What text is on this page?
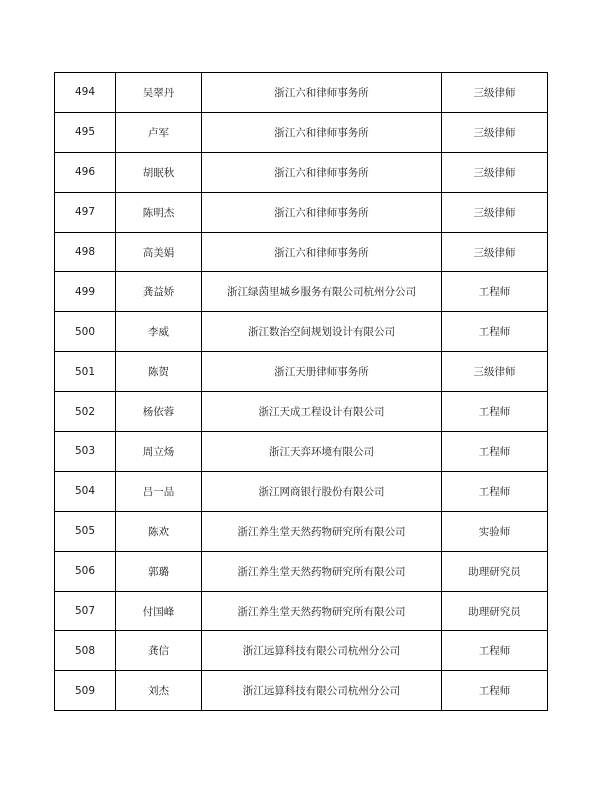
494	吴翠丹	浙江六和律师事务所	三级律师
495	卢军	浙江六和律师事务所	三级律师
496	胡眠秋	浙江六和律师事务所	三级律师
497	陈明杰	浙江六和律师事务所	三级律师
498	高美娟	浙江六和律师事务所	三级律师
499	龚益娇	浙江绿茵里城乡服务有限公司杭州分公司	工程师
500	李威	浙江数治空间规划设计有限公司	工程师
501	陈贺	浙江天册律师事务所	三级律师
502	杨依蓉	浙江天成工程设计有限公司	工程师
503	周立炀	浙江天弈环境有限公司	工程师
504	吕一品	浙江网商银行股份有限公司	工程师
505	陈欢	浙江养生堂天然药物研究所有限公司	实验师
506	郭璐	浙江养生堂天然药物研究所有限公司	助理研究员
507	付国峰	浙江养生堂天然药物研究所有限公司	助理研究员
508	龚信	浙江远算科技有限公司杭州分公司	工程师
509	刘杰	浙江远算科技有限公司杭州分公司	工程师
